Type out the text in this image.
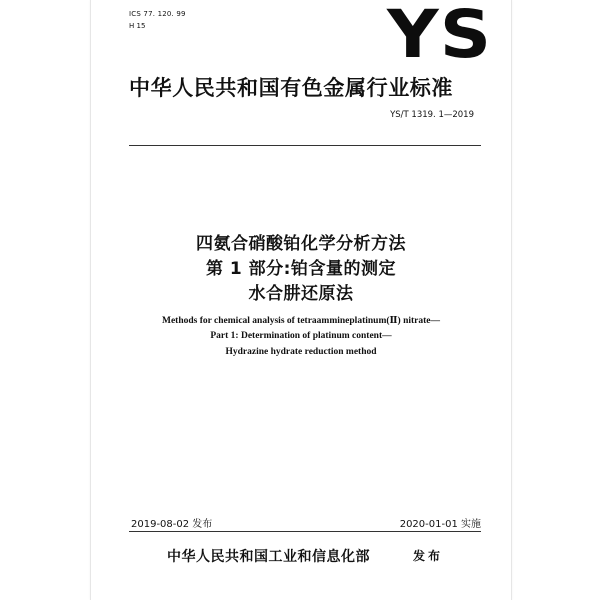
ICS 77. 120. 99
H 15	YS
中华人民共和国有色金属行业标准
YS/T 1319. 1—2019
四氨合硝酸铂化学分析方法
第 1 部分:铂含量的测定
水合肼还原法
Methods for chemical analysis of tetraammineplatinum(Ⅱ) nitrate—
Part 1: Determination of platinum content—
Hydrazine hydrate reduction method
2019-08-02 发布	2020-01-01 实施
中华人民共和国工业和信息化部	发布
